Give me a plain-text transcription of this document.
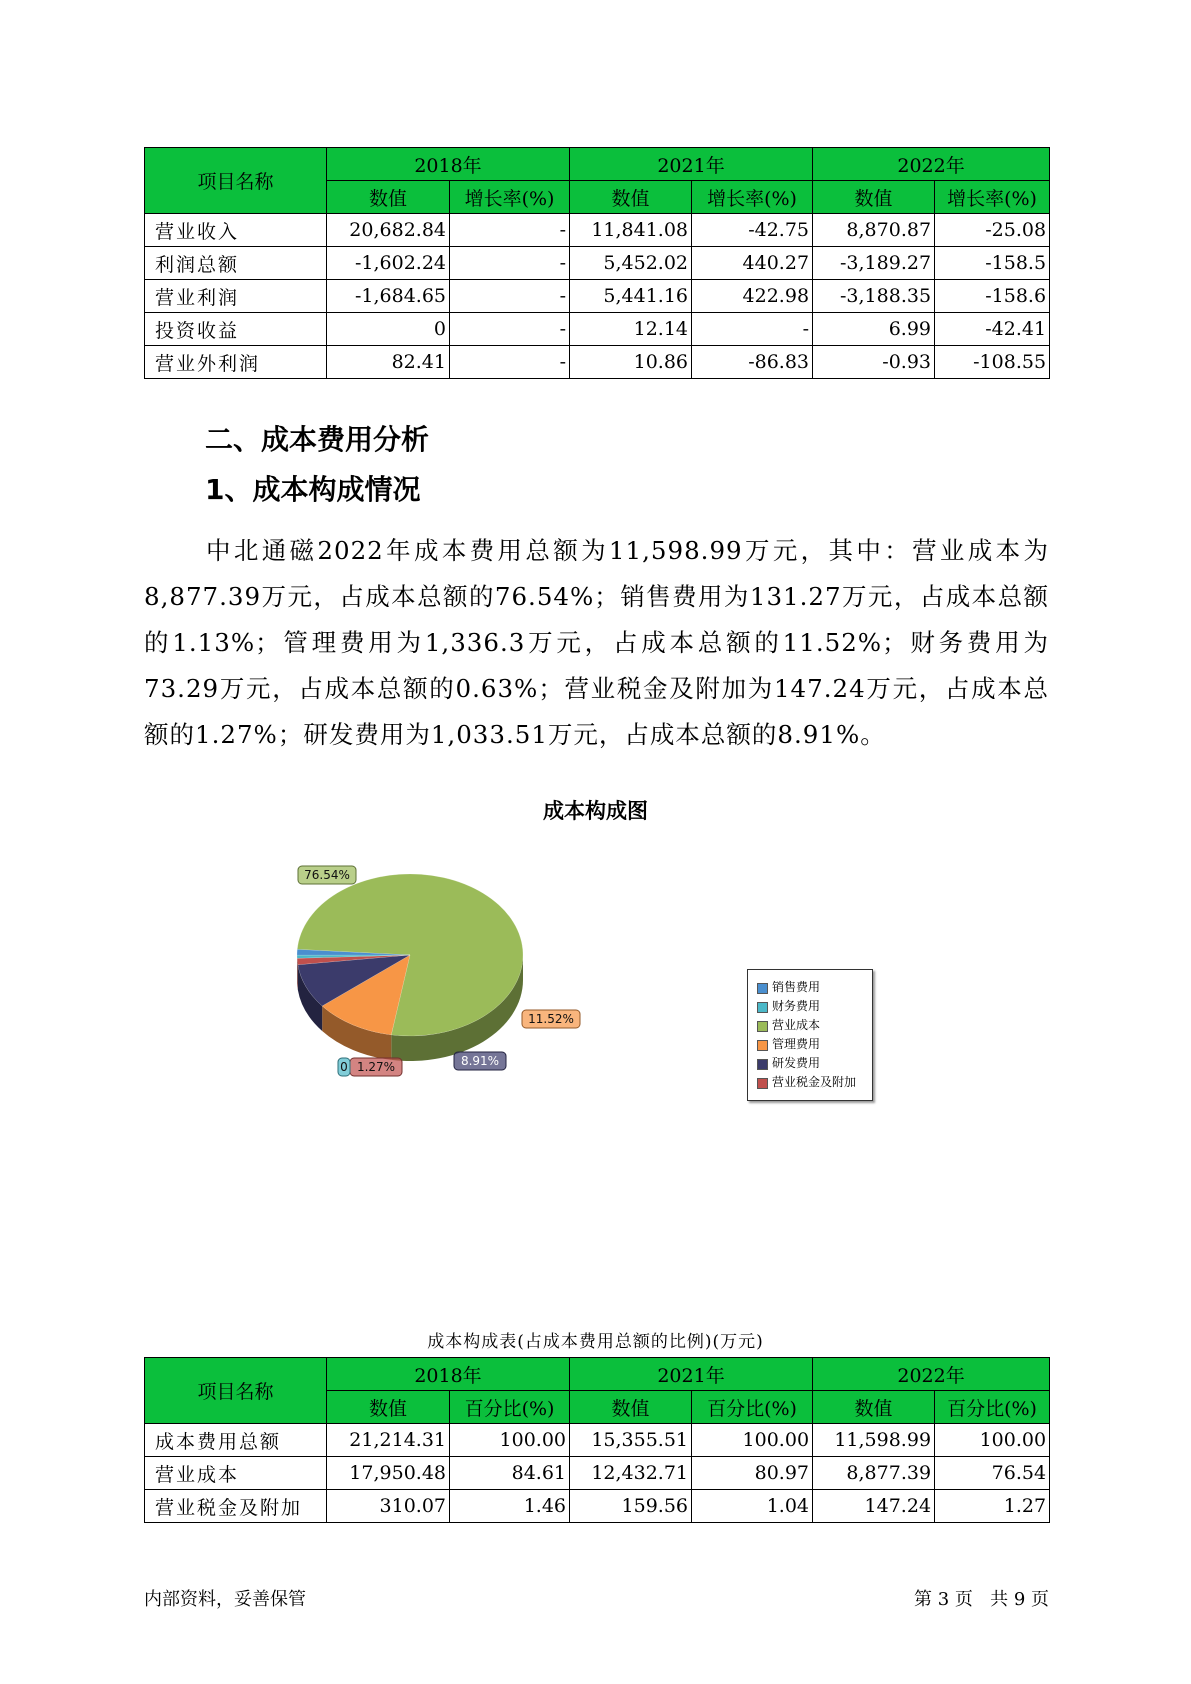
项目名称	2018年		2021年		2022年	
	数值	增长率(%)	数值	增长率(%)	数值	增长率(%)
营业收入	20,682.84	-	11,841.08	-42.75	8,870.87	-25.08
利润总额	-1,602.24	-	5,452.02	440.27	-3,189.27	-158.5
营业利润	-1,684.65	-	5,441.16	422.98	-3,188.35	-158.6
投资收益	0	-	12.14	-	6.99	-42.41
营业外利润	82.41	-	10.86	-86.83	-0.93	-108.55
二、成本费用分析
1、成本构成情况
中北通磁2022年成本费用总额为11,598.99万元，其中：营业成本为8,877.39万元，占成本总额的76.54%；销售费用为131.27万元，占成本总额的1.13%；管理费用为1,336.3万元，占成本总额的11.52%；财务费用为73.29万元，占成本总额的0.63%；营业税金及附加为147.24万元，占成本总额的1.27%；研发费用为1,033.51万元，占成本总额的8.91%。
成本构成图
76.54%
11.52%
8.91%
1.27%
0
销售费用
财务费用
营业成本
管理费用
研发费用
营业税金及附加
成本构成表(占成本费用总额的比例)(万元)
项目名称	2018年		2021年		2022年	
	数值	百分比(%)	数值	百分比(%)	数值	百分比(%)
成本费用总额	21,214.31	100.00	15,355.51	100.00	11,598.99	100.00
营业成本	17,950.48	84.61	12,432.71	80.97	8,877.39	76.54
营业税金及附加	310.07	1.46	159.56	1.04	147.24	1.27
内部资料，妥善保管	第 3 页 共 9 页
